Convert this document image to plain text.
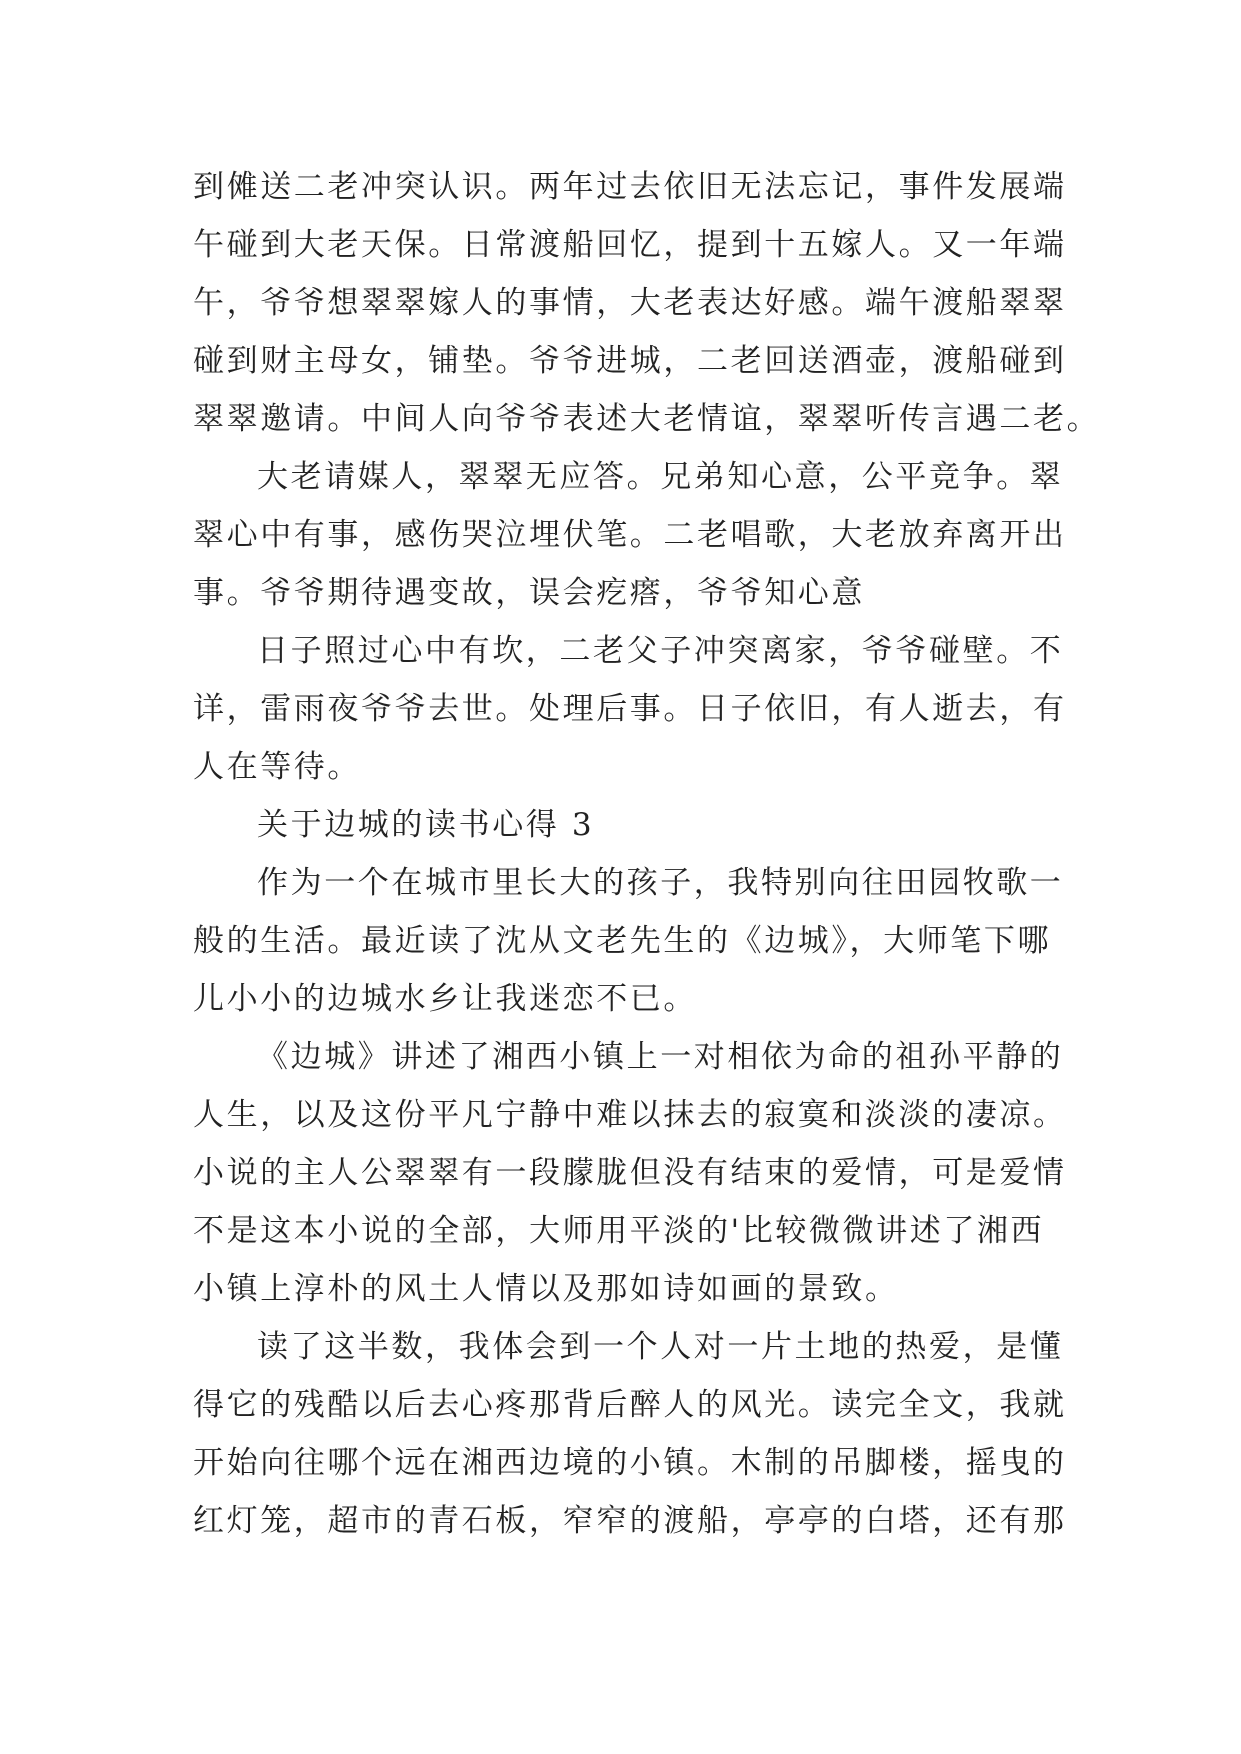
到傩送二老冲突认识。两年过去依旧无法忘记，事件发展端
午碰到大老天保。日常渡船回忆，提到十五嫁人。又一年端
午，爷爷想翠翠嫁人的事情，大老表达好感。端午渡船翠翠
碰到财主母女，铺垫。爷爷进城，二老回送酒壶，渡船碰到
翠翠邀请。中间人向爷爷表述大老情谊，翠翠听传言遇二老。
大老请媒人，翠翠无应答。兄弟知心意，公平竞争。翠
翠心中有事，感伤哭泣埋伏笔。二老唱歌，大老放弃离开出
事。爷爷期待遇变故，误会疙瘩，爷爷知心意
日子照过心中有坎，二老父子冲突离家，爷爷碰壁。不
详，雷雨夜爷爷去世。处理后事。日子依旧，有人逝去，有
人在等待。
关于边城的读书心得 3
作为一个在城市里长大的孩子，我特别向往田园牧歌一
般的生活。最近读了沈从文老先生的《边城》，大师笔下哪
儿小小的边城水乡让我迷恋不已。
《边城》讲述了湘西小镇上一对相依为命的祖孙平静的
人生，以及这份平凡宁静中难以抹去的寂寞和淡淡的凄凉。
小说的主人公翠翠有一段朦胧但没有结束的爱情，可是爱情
不是这本小说的全部，大师用平淡的'比较微微讲述了湘西
小镇上淳朴的风土人情以及那如诗如画的景致。
读了这半数，我体会到一个人对一片土地的热爱，是懂
得它的残酷以后去心疼那背后醉人的风光。读完全文，我就
开始向往哪个远在湘西边境的小镇。木制的吊脚楼，摇曳的
红灯笼，超市的青石板，窄窄的渡船，亭亭的白塔，还有那
